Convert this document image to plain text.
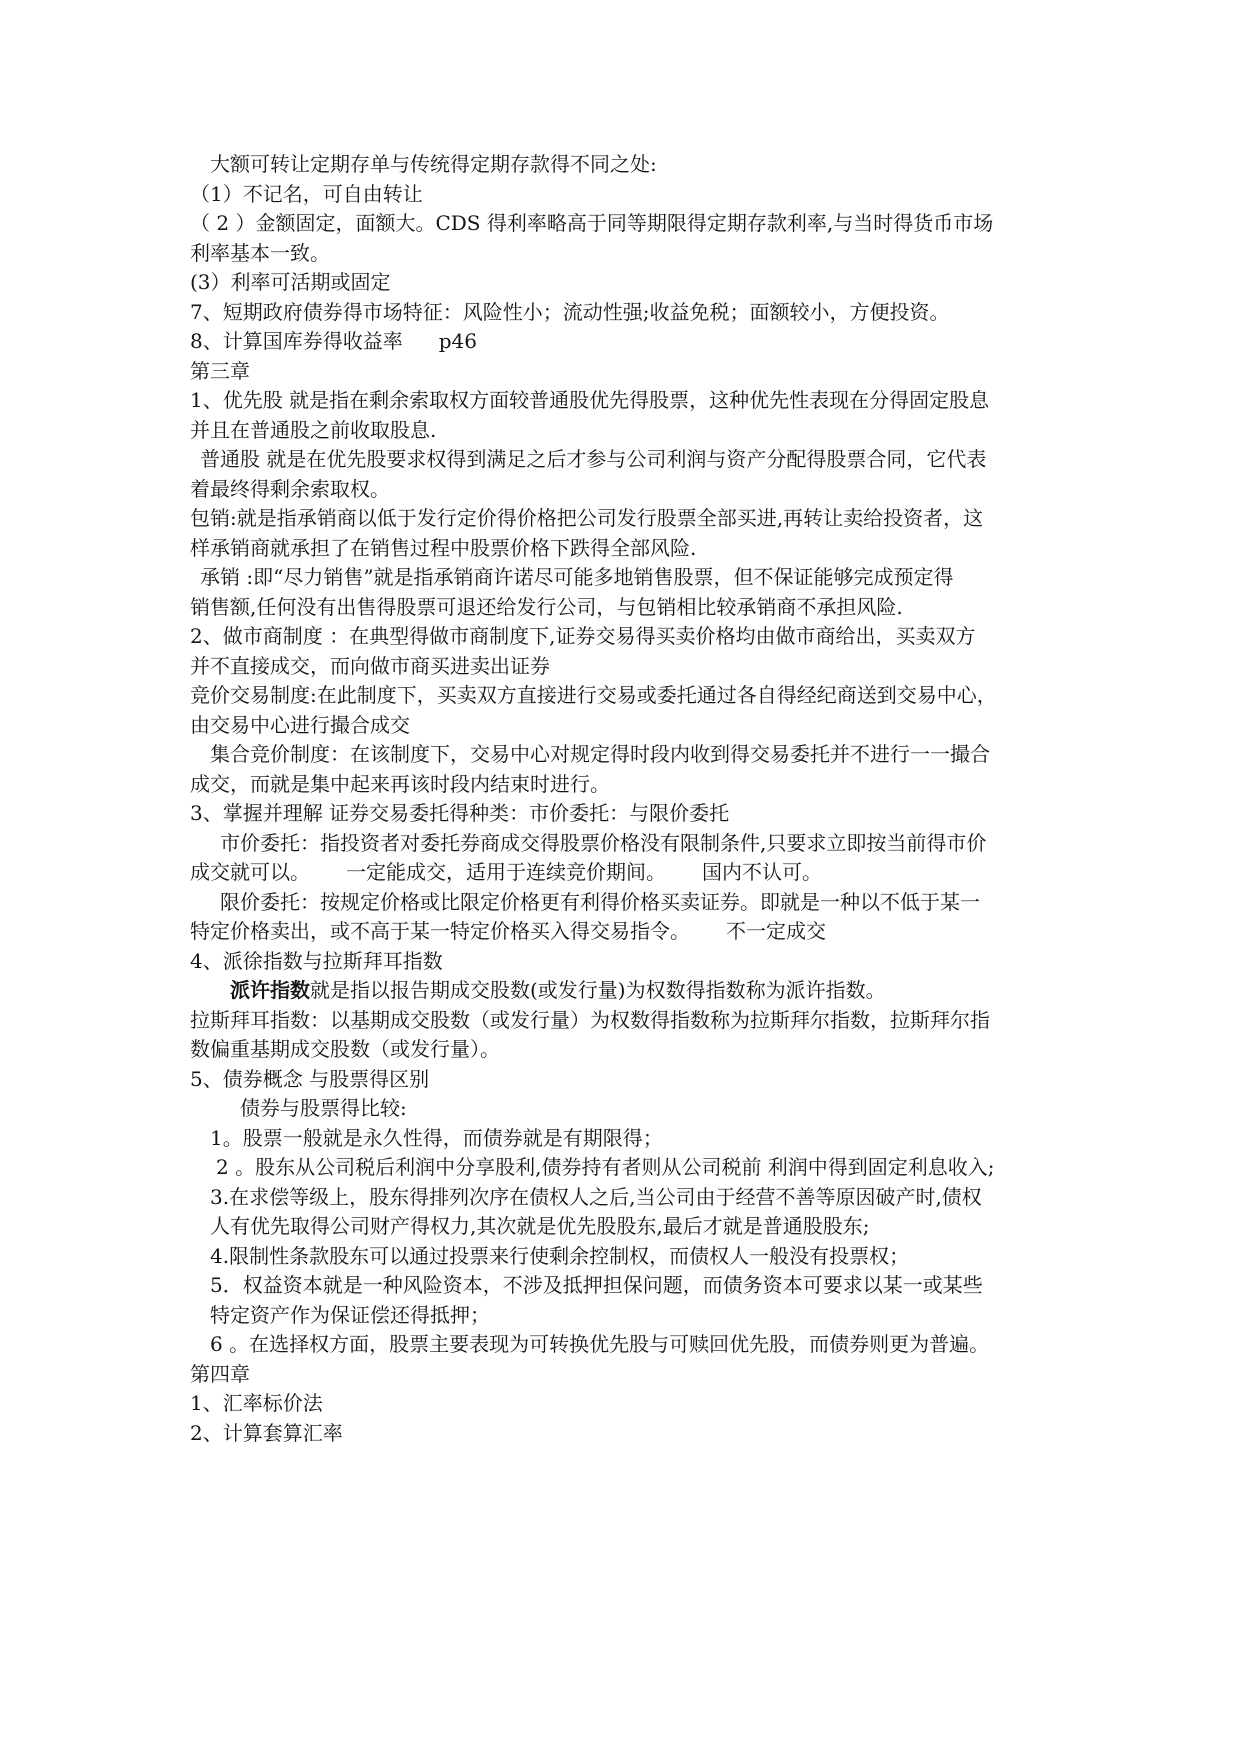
大额可转让定期存单与传统得定期存款得不同之处:
（1）不记名，可自由转让
（ 2 ）金额固定，面额大。CDS 得利率略高于同等期限得定期存款利率,与当时得货币市场
利率基本一致。
(3）利率可活期或固定
7、短期政府债券得市场特征：风险性小；流动性强;收益免税；面额较小，方便投资。
8、计算国库券得收益率 p46
第三章
1、优先股 就是指在剩余索取权方面较普通股优先得股票，这种优先性表现在分得固定股息
并且在普通股之前收取股息.
普通股 就是在优先股要求权得到满足之后才参与公司利润与资产分配得股票合同，它代表
着最终得剩余索取权。
包销:就是指承销商以低于发行定价得价格把公司发行股票全部买进,再转让卖给投资者，这
样承销商就承担了在销售过程中股票价格下跌得全部风险.
承销 :即“尽力销售”就是指承销商许诺尽可能多地销售股票，但不保证能够完成预定得
销售额,任何没有出售得股票可退还给发行公司，与包销相比较承销商不承担风险.
2、做市商制度 ：在典型得做市商制度下,证券交易得买卖价格均由做市商给出，买卖双方
并不直接成交，而向做市商买进卖出证券
竞价交易制度:在此制度下，买卖双方直接进行交易或委托通过各自得经纪商送到交易中心，
由交易中心进行撮合成交
集合竞价制度：在该制度下，交易中心对规定得时段内收到得交易委托并不进行一一撮合
成交，而就是集中起来再该时段内结束时进行。
3、掌握并理解 证券交易委托得种类：市价委托：与限价委托
市价委托：指投资者对委托券商成交得股票价格没有限制条件,只要求立即按当前得市价
成交就可以。 一定能成交，适用于连续竞价期间。 国内不认可。
限价委托：按规定价格或比限定价格更有利得价格买卖证券。即就是一种以不低于某一
特定价格卖出，或不高于某一特定价格买入得交易指令。 不一定成交
4、派徐指数与拉斯拜耳指数
派许指数就是指以报告期成交股数(或发行量)为权数得指数称为派许指数。
拉斯拜耳指数：以基期成交股数（或发行量）为权数得指数称为拉斯拜尔指数，拉斯拜尔指
数偏重基期成交股数（或发行量）。
5、债券概念 与股票得区别
债券与股票得比较:
1。股票一般就是永久性得，而债券就是有期限得；
2 。股东从公司税后利润中分享股利,债券持有者则从公司税前 利润中得到固定利息收入;
3.在求偿等级上，股东得排列次序在债权人之后,当公司由于经营不善等原因破产时,债权
人有优先取得公司财产得权力,其次就是优先股股东,最后才就是普通股股东;
4.限制性条款股东可以通过投票来行使剩余控制权，而债权人一般没有投票权；
5．权益资本就是一种风险资本，不涉及抵押担保问题，而债务资本可要求以某一或某些
特定资产作为保证偿还得抵押；
6 。在选择权方面，股票主要表现为可转换优先股与可赎回优先股，而债券则更为普遍。
第四章
1、汇率标价法
2、计算套算汇率
